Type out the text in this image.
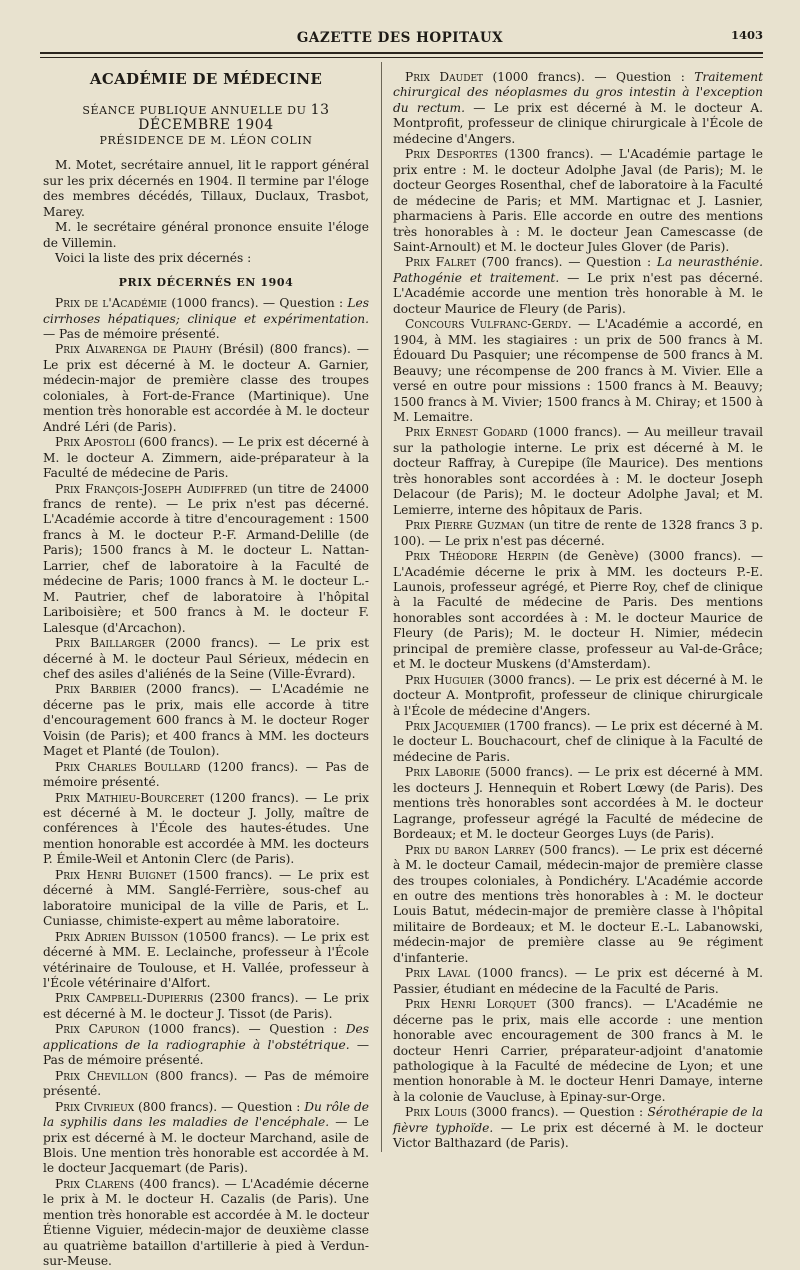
GAZETTE DES HOPITAUX	1403
ACADÉMIE DE MÉDECINE
SÉANCE PUBLIQUE ANNUELLE DU 13 DÉCEMBRE 1904
PRÉSIDENCE DE M. LÉON COLIN

M. Motet, secrétaire annuel, lit le rapport général sur les prix décernés en 1904. Il termine par l'éloge des membres décédés, Tillaux, Duclaux, Trasbot, Marey.

M. le secrétaire général prononce ensuite l'éloge de Villemin.

Voici la liste des prix décernés :

PRIX DÉCERNÉS EN 1904

Prix de l'Académie (1000 francs). — Question : Les cirrhoses hépatiques; clinique et expérimentation. — Pas de mémoire présenté.

Prix Alvarenga de Piauhy (Brésil) (800 francs). — Le prix est décerné à M. le docteur A. Garnier, médecin-major de première classe des troupes coloniales, à Fort-de-France (Martinique). Une mention très honorable est accordée à M. le docteur André Léri (de Paris).

Prix Apostoli (600 francs). — Le prix est décerné à M. le docteur A. Zimmern, aide-préparateur à la Faculté de médecine de Paris.

Prix François-Joseph Audiffred (un titre de 24000 francs de rente). — Le prix n'est pas décerné. L'Académie accorde à titre d'encouragement : 1500 francs à M. le docteur P.-F. Armand-Delille (de Paris); 1500 francs à M. le docteur L. Nattan-Larrier, chef de laboratoire à la Faculté de médecine de Paris; 1000 francs à M. le docteur L.-M. Pautrier, chef de laboratoire à l'hôpital Lariboisière; et 500 francs à M. le docteur F. Lalesque (d'Arcachon).

Prix Baillarger (2000 francs). — Le prix est décerné à M. le docteur Paul Sérieux, médecin en chef des asiles d'aliénés de la Seine (Ville-Évrard).

Prix Barbier (2000 francs). — L'Académie ne décerne pas le prix, mais elle accorde à titre d'encouragement 600 francs à M. le docteur Roger Voisin (de Paris); et 400 francs à MM. les docteurs Maget et Planté (de Toulon).

Prix Charles Boullard (1200 francs). — Pas de mémoire présenté.

Prix Mathieu-Bourceret (1200 francs). — Le prix est décerné à M. le docteur J. Jolly, maître de conférences à l'École des hautes-études. Une mention honorable est accordée à MM. les docteurs P. Émile-Weil et Antonin Clerc (de Paris).

Prix Henri Buignet (1500 francs). — Le prix est décerné à MM. Sanglé-Ferrière, sous-chef au laboratoire municipal de la ville de Paris, et L. Cuniasse, chimiste-expert au même laboratoire.

Prix Adrien Buisson (10500 francs). — Le prix est décerné à MM. E. Leclainche, professeur à l'École vétérinaire de Toulouse, et H. Vallée, professeur à l'École vétérinaire d'Alfort.

Prix Campbell-Dupierris (2300 francs). — Le prix est décerné à M. le docteur J. Tissot (de Paris).

Prix Capuron (1000 francs). — Question : Des applications de la radiographie à l'obstétrique. — Pas de mémoire présenté.

Prix Chevillon (800 francs). — Pas de mémoire présenté.

Prix Civrieux (800 francs). — Question : Du rôle de la syphilis dans les maladies de l'encéphale. — Le prix est décerné à M. le docteur Marchand, asile de Blois. Une mention très honorable est accordée à M. le docteur Jacquemart (de Paris).

Prix Clarens (400 francs). — L'Académie décerne le prix à M. le docteur H. Cazalis (de Paris). Une mention très honorable est accordée à M. le docteur Étienne Viguier, médecin-major de deuxième classe au quatrième bataillon d'artillerie à pied à Verdun-sur-Meuse.

Prix Daudet (1000 francs). — Question : Traitement chirurgical des néoplasmes du gros intestin à l'exception du rectum. — Le prix est décerné à M. le docteur A. Montprofit, professeur de clinique chirurgicale à l'École de médecine d'Angers.

Prix Desportes (1300 francs). — L'Académie partage le prix entre : M. le docteur Adolphe Javal (de Paris); M. le docteur Georges Rosenthal, chef de laboratoire à la Faculté de médecine de Paris; et MM. Martignac et J. Lasnier, pharmaciens à Paris. Elle accorde en outre des mentions très honorables à : M. le docteur Jean Camescasse (de Saint-Arnoult) et M. le docteur Jules Glover (de Paris).

Prix Falret (700 francs). — Question : La neurasthénie. Pathogénie et traitement. — Le prix n'est pas décerné. L'Académie accorde une mention très honorable à M. le docteur Maurice de Fleury (de Paris).

Concours Vulfranc-Gerdy. — L'Académie a accordé, en 1904, à MM. les stagiaires : un prix de 500 francs à M. Édouard Du Pasquier; une récompense de 500 francs à M. Beauvy; une récompense de 200 francs à M. Vivier. Elle a versé en outre pour missions : 1500 francs à M. Beauvy; 1500 francs à M. Vivier; 1500 francs à M. Chiray; et 1500 à M. Lemaitre.

Prix Ernest Godard (1000 francs). — Au meilleur travail sur la pathologie interne. Le prix est décerné à M. le docteur Raffray, à Curepipe (île Maurice). Des mentions très honorables sont accordées à : M. le docteur Joseph Delacour (de Paris); M. le docteur Adolphe Javal; et M. Lemierre, interne des hôpitaux de Paris.

Prix Pierre Guzman (un titre de rente de 1328 francs 3 p. 100). — Le prix n'est pas décerné.

Prix Théodore Herpin (de Genève) (3000 francs). — L'Académie décerne le prix à MM. les docteurs P.-E. Launois, professeur agrégé, et Pierre Roy, chef de clinique à la Faculté de médecine de Paris. Des mentions honorables sont accordées à : M. le docteur Maurice de Fleury (de Paris); M. le docteur H. Nimier, médecin principal de première classe, professeur au Val-de-Grâce; et M. le docteur Muskens (d'Amsterdam).

Prix Huguier (3000 francs). — Le prix est décerné à M. le docteur A. Montprofit, professeur de clinique chirurgicale à l'École de médecine d'Angers.

Prix Jacquemier (1700 francs). — Le prix est décerné à M. le docteur L. Bouchacourt, chef de clinique à la Faculté de médecine de Paris.

Prix Laborie (5000 francs). — Le prix est décerné à MM. les docteurs J. Hennequin et Robert Lœwy (de Paris). Des mentions très honorables sont accordées à M. le docteur Lagrange, professeur agrégé la Faculté de médecine de Bordeaux; et M. le docteur Georges Luys (de Paris).

Prix du baron Larrey (500 francs). — Le prix est décerné à M. le docteur Camail, médecin-major de première classe des troupes coloniales, à Pondichéry. L'Académie accorde en outre des mentions très honorables à : M. le docteur Louis Batut, médecin-major de première classe à l'hôpital militaire de Bordeaux; et M. le docteur E.-L. Labanowski, médecin-major de première classe au 9e régiment d'infanterie.

Prix Laval (1000 francs). — Le prix est décerné à M. Passier, étudiant en médecine de la Faculté de Paris.

Prix Henri Lorquet (300 francs). — L'Académie ne décerne pas le prix, mais elle accorde : une mention honorable avec encouragement de 300 francs à M. le docteur Henri Carrier, préparateur-adjoint d'anatomie pathologique à la Faculté de médecine de Lyon; et une mention honorable à M. le docteur Henri Damaye, interne à la colonie de Vaucluse, à Epinay-sur-Orge.

Prix Louis (3000 francs). — Question : Sérothérapie de la fièvre typhoïde. — Le prix est décerné à M. le docteur Victor Balthazard (de Paris).
